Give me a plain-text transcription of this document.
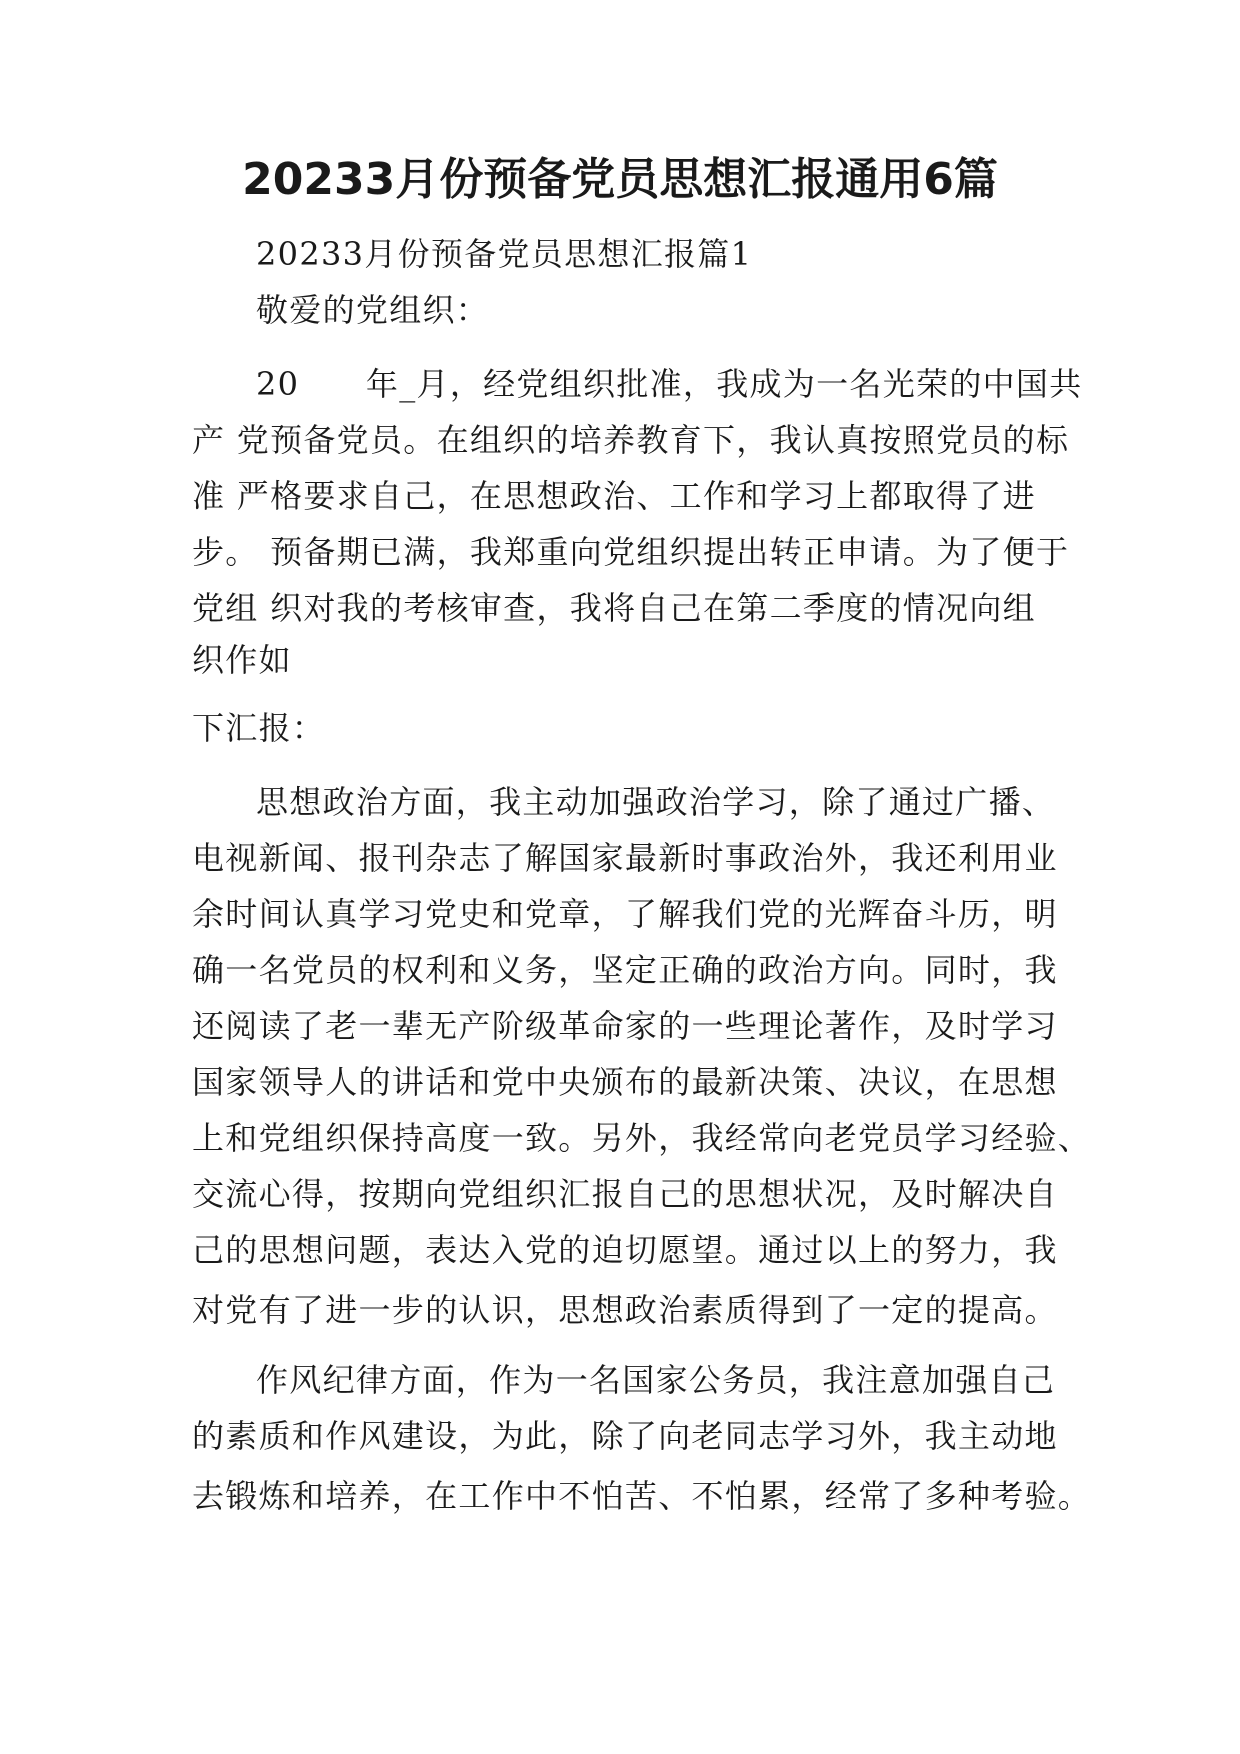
20233月份预备党员思想汇报通用6篇
20233月份预备党员思想汇报篇1
敬爱的党组织：
20　　年_月，经党组织批准，我成为一名光荣的中国共
产 党预备党员。在组织的培养教育下，我认真按照党员的标
准 严格要求自己，在思想政治、工作和学习上都取得了进
步。 预备期已满，我郑重向党组织提出转正申请。为了便于
党组 织对我的考核审查，我将自己在第二季度的情况向组
织作如
下汇报：
思想政治方面，我主动加强政治学习，除了通过广播、
电视新闻、报刊杂志了解国家最新时事政治外，我还利用业
余时间认真学习党史和党章，了解我们党的光辉奋斗历，明
确一名党员的权利和义务，坚定正确的政治方向。同时，我
还阅读了老一辈无产阶级革命家的一些理论著作，及时学习
国家领导人的讲话和党中央颁布的最新决策、决议，在思想
上和党组织保持高度一致。另外，我经常向老党员学习经验、
交流心得，按期向党组织汇报自己的思想状况，及时解决自
己的思想问题，表达入党的迫切愿望。通过以上的努力，我
对党有了进一步的认识，思想政治素质得到了一定的提高。
作风纪律方面，作为一名国家公务员，我注意加强自己
的素质和作风建设，为此，除了向老同志学习外，我主动地
去锻炼和培养，在工作中不怕苦、不怕累，经常了多种考验。
